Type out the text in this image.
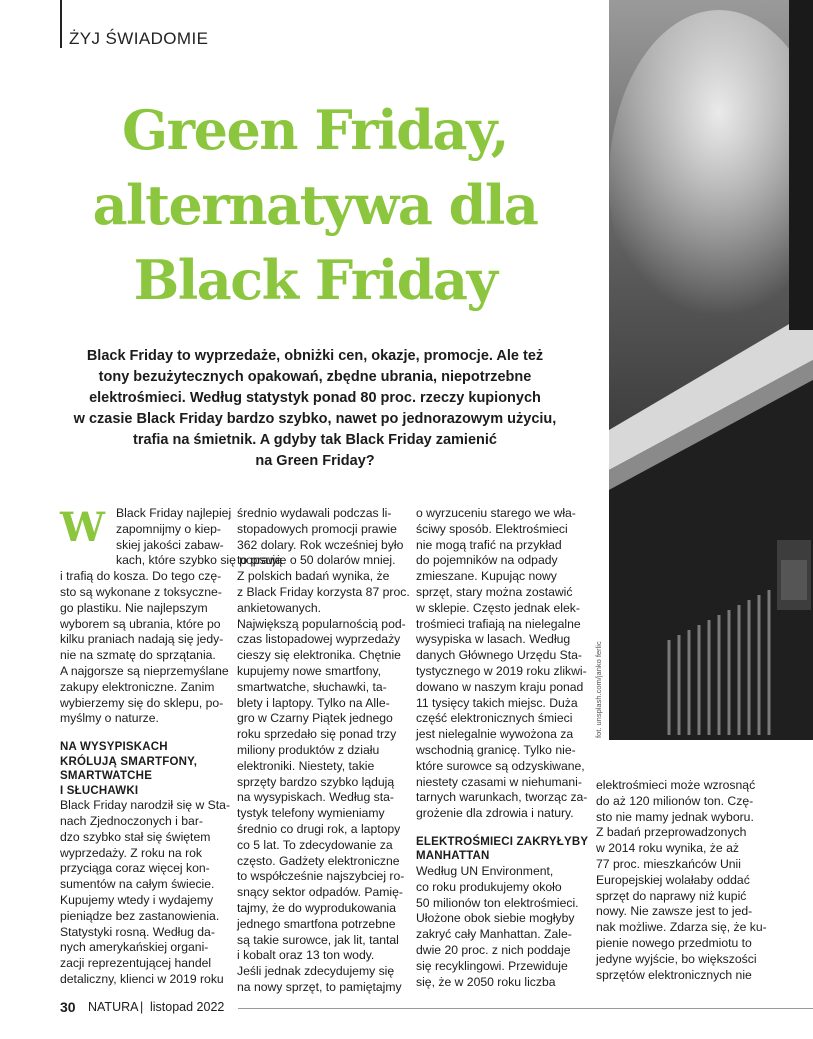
ŻYJ ŚWIADOMIE
fot. unsplash.com/janko ferlic
Green Friday,
alternatywa dla
Black Friday

Black Friday to wyprzedaże, obniżki cen, okazje, promocje. Ale też
tony bezużytecznych opakowań, zbędne ubrania, niepotrzebne
elektrośmieci. Według statystyk ponad 80 proc. rzeczy kupionych
w czasie Black Friday bardzo szybko, nawet po jednorazowym użyciu,
trafia na śmietnik. A gdyby tak Black Friday zamienić
na Green Friday?

W Black Friday najlepiej
zapomnijmy o kiep-
skiej jakości zabaw-
kach, które szybko się popsują
i trafią do kosza. Do tego czę-
sto są wykonane z toksyczne-
go plastiku. Nie najlepszym
wyborem są ubrania, które po
kilku praniach nadają się jedy-
nie na szmatę do sprzątania.
A najgorsze są nieprzemyślane
zakupy elektroniczne. Zanim
wybierzemy się do sklepu, po-
myślmy o naturze.
NA WYSYPISKACH
KRÓLUJĄ SMARTFONY,
SMARTWATCHE
I SŁUCHAWKI
Black Friday narodził się w Sta-
nach Zjednoczonych i bar-
dzo szybko stał się świętem
wyprzedaży. Z roku na rok
przyciąga coraz więcej kon-
sumentów na całym świecie.
Kupujemy wtedy i wydajemy
pieniądze bez zastanowienia.
Statystyki rosną. Według da-
nych amerykańskiej organi-
zacji reprezentującej handel
detaliczny, klienci w 2019 roku
średnio wydawali podczas li-
stopadowych promocji prawie
362 dolary. Rok wcześniej było
to prawie o 50 dolarów mniej.
Z polskich badań wynika, że
z Black Friday korzysta 87 proc.
ankietowanych.
Największą popularnością pod-
czas listopadowej wyprzedaży
cieszy się elektronika. Chętnie
kupujemy nowe smartfony,
smartwatche, słuchawki, ta-
blety i laptopy. Tylko na Alle-
gro w Czarny Piątek jednego
roku sprzedało się ponad trzy
miliony produktów z działu
elektroniki. Niestety, takie
sprzęty bardzo szybko lądują
na wysypiskach. Według sta-
tystyk telefony wymieniamy
średnio co drugi rok, a laptopy
co 5 lat. To zdecydowanie za
często. Gadżety elektroniczne
to współcześnie najszybciej ro-
snący sektor odpadów. Pamię-
tajmy, że do wyprodukowania
jednego smartfona potrzebne
są takie surowce, jak lit, tantal
i kobalt oraz 13 ton wody.
Jeśli jednak zdecydujemy się
na nowy sprzęt, to pamiętajmy
o wyrzuceniu starego we wła-
ściwy sposób. Elektrośmieci
nie mogą trafić na przykład
do pojemników na odpady
zmieszane. Kupując nowy
sprzęt, stary można zostawić
w sklepie. Często jednak elek-
trośmieci trafiają na nielegalne
wysypiska w lasach. Według
danych Głównego Urzędu Sta-
tystycznego w 2019 roku zlikwi-
dowano w naszym kraju ponad
11 tysięcy takich miejsc. Duża
część elektronicznych śmieci
jest nielegalnie wywożona za
wschodnią granicę. Tylko nie-
które surowce są odzyskiwane,
niestety czasami w niehumani-
tarnych warunkach, tworząc za-
grożenie dla zdrowia i natury.
ELEKTROŚMIECI ZAKRYŁYBY
MANHATTAN
Według UN Environment,
co roku produkujemy około
50 milionów ton elektrośmieci.
Ułożone obok siebie mogłyby
zakryć cały Manhattan. Zale-
dwie 20 proc. z nich poddaje
się recyklingowi. Przewiduje
się, że w 2050 roku liczba
elektrośmieci może wzrosnąć
do aż 120 milionów ton. Czę-
sto nie mamy jednak wyboru.
Z badań przeprowadzonych
w 2014 roku wynika, że aż
77 proc. mieszkańców Unii
Europejskiej wolałaby oddać
sprzęt do naprawy niż kupić
nowy. Nie zawsze jest to jed-
nak możliwe. Zdarza się, że ku-
pienie nowego przedmiotu to
jedyne wyjście, bo większości
sprzętów elektronicznych nie
30 NATURA | listopad 2022
